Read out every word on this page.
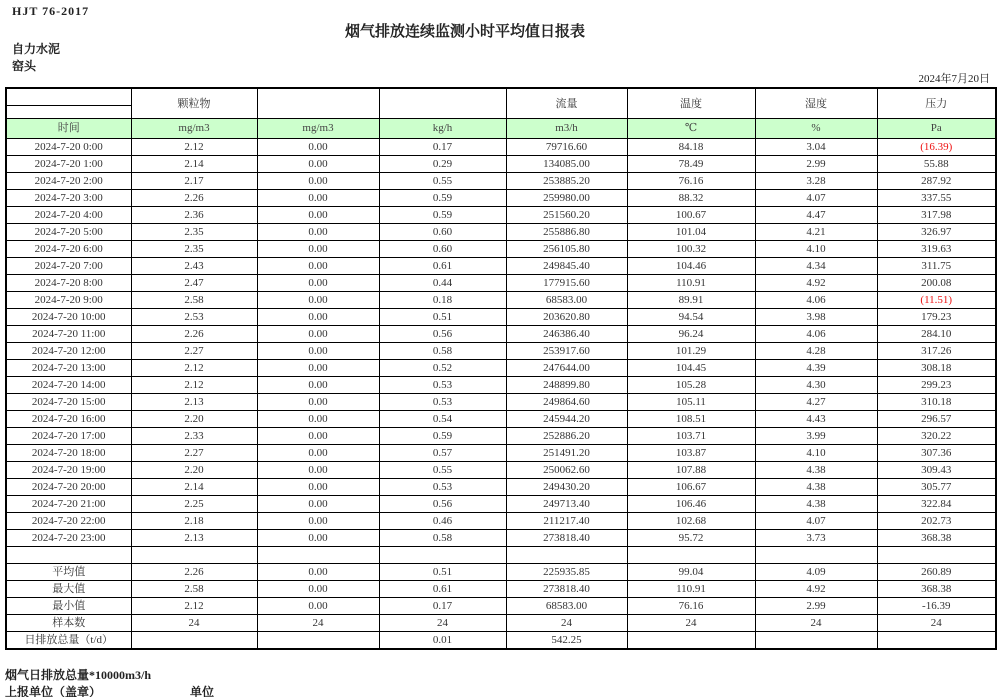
HJT 76-2017
烟气排放连续监测小时平均值日报表
自力水泥
窑头
2024年7月20日
	颗粒物			流量	温度	湿度	压力

时间	mg/m3	mg/m3	kg/h	m3/h	℃	%	Pa
2024-7-20 0:00	2.12	0.00	0.17	79716.60	84.18	3.04	(16.39)
2024-7-20 1:00	2.14	0.00	0.29	134085.00	78.49	2.99	55.88
2024-7-20 2:00	2.17	0.00	0.55	253885.20	76.16	3.28	287.92
2024-7-20 3:00	2.26	0.00	0.59	259980.00	88.32	4.07	337.55
2024-7-20 4:00	2.36	0.00	0.59	251560.20	100.67	4.47	317.98
2024-7-20 5:00	2.35	0.00	0.60	255886.80	101.04	4.21	326.97
2024-7-20 6:00	2.35	0.00	0.60	256105.80	100.32	4.10	319.63
2024-7-20 7:00	2.43	0.00	0.61	249845.40	104.46	4.34	311.75
2024-7-20 8:00	2.47	0.00	0.44	177915.60	110.91	4.92	200.08
2024-7-20 9:00	2.58	0.00	0.18	68583.00	89.91	4.06	(11.51)
2024-7-20 10:00	2.53	0.00	0.51	203620.80	94.54	3.98	179.23
2024-7-20 11:00	2.26	0.00	0.56	246386.40	96.24	4.06	284.10
2024-7-20 12:00	2.27	0.00	0.58	253917.60	101.29	4.28	317.26
2024-7-20 13:00	2.12	0.00	0.52	247644.00	104.45	4.39	308.18
2024-7-20 14:00	2.12	0.00	0.53	248899.80	105.28	4.30	299.23
2024-7-20 15:00	2.13	0.00	0.53	249864.60	105.11	4.27	310.18
2024-7-20 16:00	2.20	0.00	0.54	245944.20	108.51	4.43	296.57
2024-7-20 17:00	2.33	0.00	0.59	252886.20	103.71	3.99	320.22
2024-7-20 18:00	2.27	0.00	0.57	251491.20	103.87	4.10	307.36
2024-7-20 19:00	2.20	0.00	0.55	250062.60	107.88	4.38	309.43
2024-7-20 20:00	2.14	0.00	0.53	249430.20	106.67	4.38	305.77
2024-7-20 21:00	2.25	0.00	0.56	249713.40	106.46	4.38	322.84
2024-7-20 22:00	2.18	0.00	0.46	211217.40	102.68	4.07	202.73
2024-7-20 23:00	2.13	0.00	0.58	273818.40	95.72	3.73	368.38

平均值	2.26	0.00	0.51	225935.85	99.04	4.09	260.89
最大值	2.58	0.00	0.61	273818.40	110.91	4.92	368.38
最小值	2.12	0.00	0.17	68583.00	76.16	2.99	-16.39
样本数	24	24	24	24	24	24	24
日排放总量（t/d）			0.01	542.25			
烟气日排放总量*10000m3/h
上报单位（盖章）	单位
